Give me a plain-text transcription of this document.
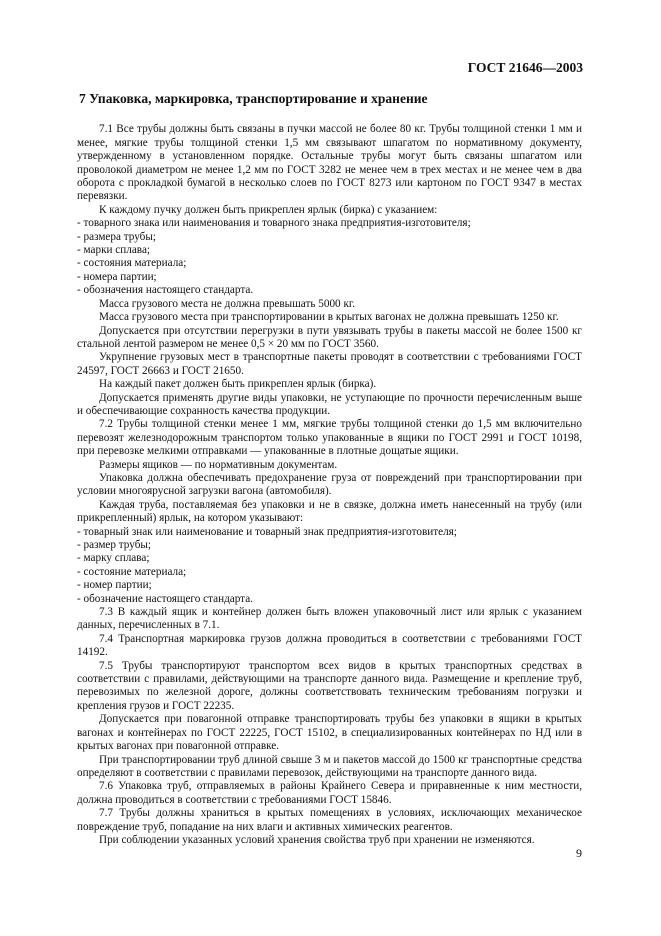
ГОСТ 21646—2003
7 Упаковка, маркировка, транспортирование и хранение

7.1 Все трубы должны быть связаны в пучки массой не более 80 кг. Трубы толщиной стенки 1 мм и менее, мягкие трубы толщиной стенки 1,5 мм связывают шпагатом по нормативному документу, утвержденному в установленном порядке. Остальные трубы могут быть связаны шпагатом или проволокой диаметром не менее 1,2 мм по ГОСТ 3282 не менее чем в трех местах и не менее чем в два оборота с прокладкой бумагой в несколько слоев по ГОСТ 8273 или картоном по ГОСТ 9347 в местах перевязки.

К каждому пучку должен быть прикреплен ярлык (бирка) с указанием:

- товарного знака или наименования и товарного знака предприятия-изготовителя;
- размера трубы;
- марки сплава;
- состояния материала;
- номера партии;
- обозначения настоящего стандарта.

Масса грузового места не должна превышать 5000 кг.

Масса грузового места при транспортировании в крытых вагонах не должна превышать 1250 кг.

Допускается при отсутствии перегрузки в пути увязывать трубы в пакеты массой не более 1500 кг стальной лентой размером не менее 0,5 × 20 мм по ГОСТ 3560.

Укрупнение грузовых мест в транспортные пакеты проводят в соответствии с требованиями ГОСТ 24597, ГОСТ 26663 и ГОСТ 21650.

На каждый пакет должен быть прикреплен ярлык (бирка).

Допускается применять другие виды упаковки, не уступающие по прочности перечисленным выше и обеспечивающие сохранность качества продукции.

7.2 Трубы толщиной стенки менее 1 мм, мягкие трубы толщиной стенки до 1,5 мм включительно перевозят железнодорожным транспортом только упакованные в ящики по ГОСТ 2991 и ГОСТ 10198, при перевозке мелкими отправками — упакованные в плотные дощатые ящики.

Размеры ящиков — по нормативным документам.

Упаковка должна обеспечивать предохранение груза от повреждений при транспортировании при условии многоярусной загрузки вагона (автомобиля).

Каждая труба, поставляемая без упаковки и не в связке, должна иметь нанесенный на трубу (или прикрепленный) ярлык, на котором указывают:

- товарный знак или наименование и товарный знак предприятия-изготовителя;
- размер трубы;
- марку сплава;
- состояние материала;
- номер партии;
- обозначение настоящего стандарта.

7.3 В каждый ящик и контейнер должен быть вложен упаковочный лист или ярлык с указанием данных, перечисленных в 7.1.

7.4 Транспортная маркировка грузов должна проводиться в соответствии с требованиями ГОСТ 14192.

7.5 Трубы транспортируют транспортом всех видов в крытых транспортных средствах в соответствии с правилами, действующими на транспорте данного вида. Размещение и крепление труб, перевозимых по железной дороге, должны соответствовать техническим требованиям погрузки и крепления грузов и ГОСТ 22235.

Допускается при повагонной отправке транспортировать трубы без упаковки в ящики в крытых вагонах и контейнерах по ГОСТ 22225, ГОСТ 15102, в специализированных контейнерах по НД или в крытых вагонах при повагонной отправке.

При транспортировании труб длиной свыше 3 м и пакетов массой до 1500 кг транспортные средства определяют в соответствии с правилами перевозок, действующими на транспорте данного вида.

7.6 Упаковка труб, отправляемых в районы Крайнего Севера и приравненные к ним местности, должна проводиться в соответствии с требованиями ГОСТ 15846.

7.7 Трубы должны храниться в крытых помещениях в условиях, исключающих механическое повреждение труб, попадание на них влаги и активных химических реагентов.

При соблюдении указанных условий хранения свойства труб при хранении не изменяются.

9
